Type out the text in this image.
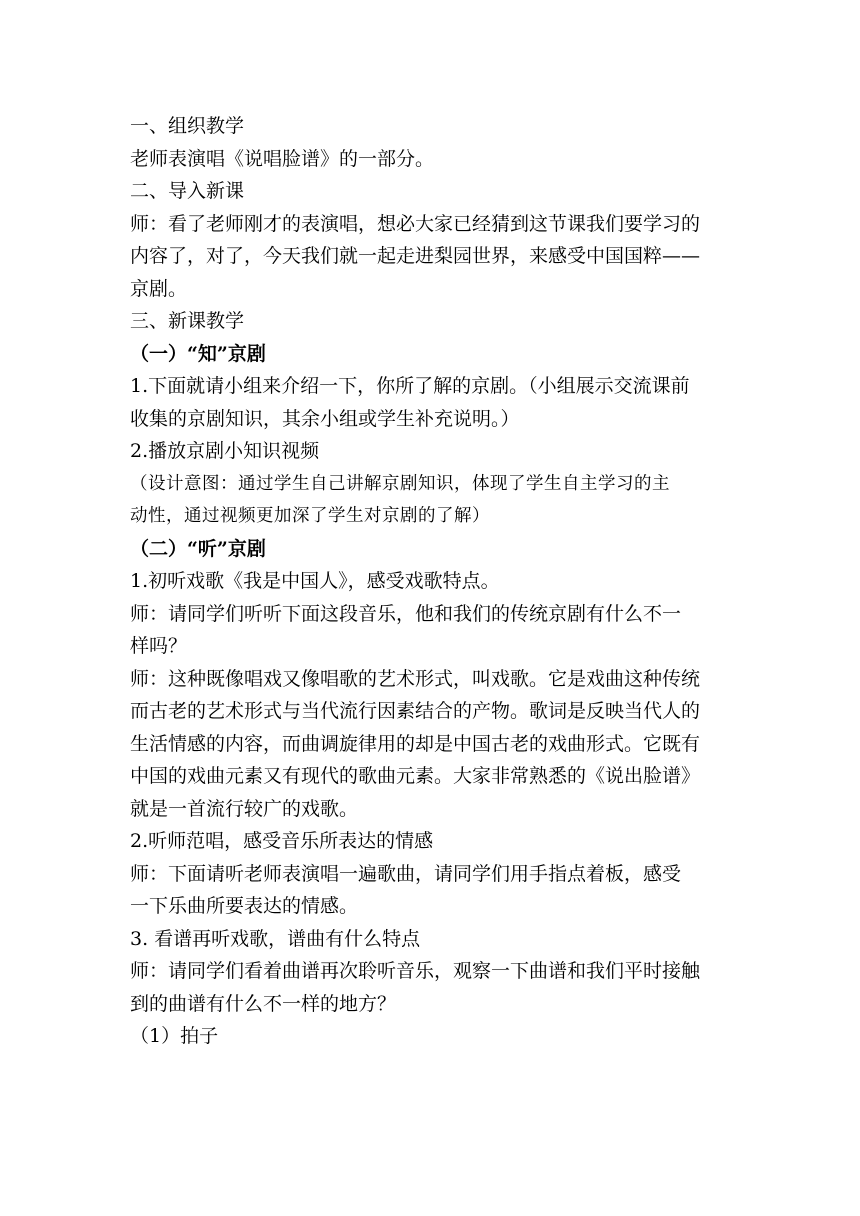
一、组织教学
老师表演唱《说唱脸谱》的一部分。
二、导入新课
师：看了老师刚才的表演唱，想必大家已经猜到这节课我们要学习的
内容了，对了，今天我们就一起走进梨园世界，来感受中国国粹——
京剧。
三、新课教学
（一）“知”京剧
1.下面就请小组来介绍一下，你所了解的京剧。（小组展示交流课前
收集的京剧知识，其余小组或学生补充说明。）
2.播放京剧小知识视频
（设计意图：通过学生自己讲解京剧知识，体现了学生自主学习的主
动性，通过视频更加深了学生对京剧的了解）
（二）“听”京剧
1.初听戏歌《我是中国人》，感受戏歌特点。
师：请同学们听听下面这段音乐，他和我们的传统京剧有什么不一
样吗？
师：这种既像唱戏又像唱歌的艺术形式，叫戏歌。它是戏曲这种传统
而古老的艺术形式与当代流行因素结合的产物。歌词是反映当代人的
生活情感的内容，而曲调旋律用的却是中国古老的戏曲形式。它既有
中国的戏曲元素又有现代的歌曲元素。大家非常熟悉的《说出脸谱》
就是一首流行较广的戏歌。
2.听师范唱，感受音乐所表达的情感
师：下面请听老师表演唱一遍歌曲，请同学们用手指点着板，感受
一下乐曲所要表达的情感。
3. 看谱再听戏歌，谱曲有什么特点
师：请同学们看着曲谱再次聆听音乐，观察一下曲谱和我们平时接触
到的曲谱有什么不一样的地方？
（1）拍子
